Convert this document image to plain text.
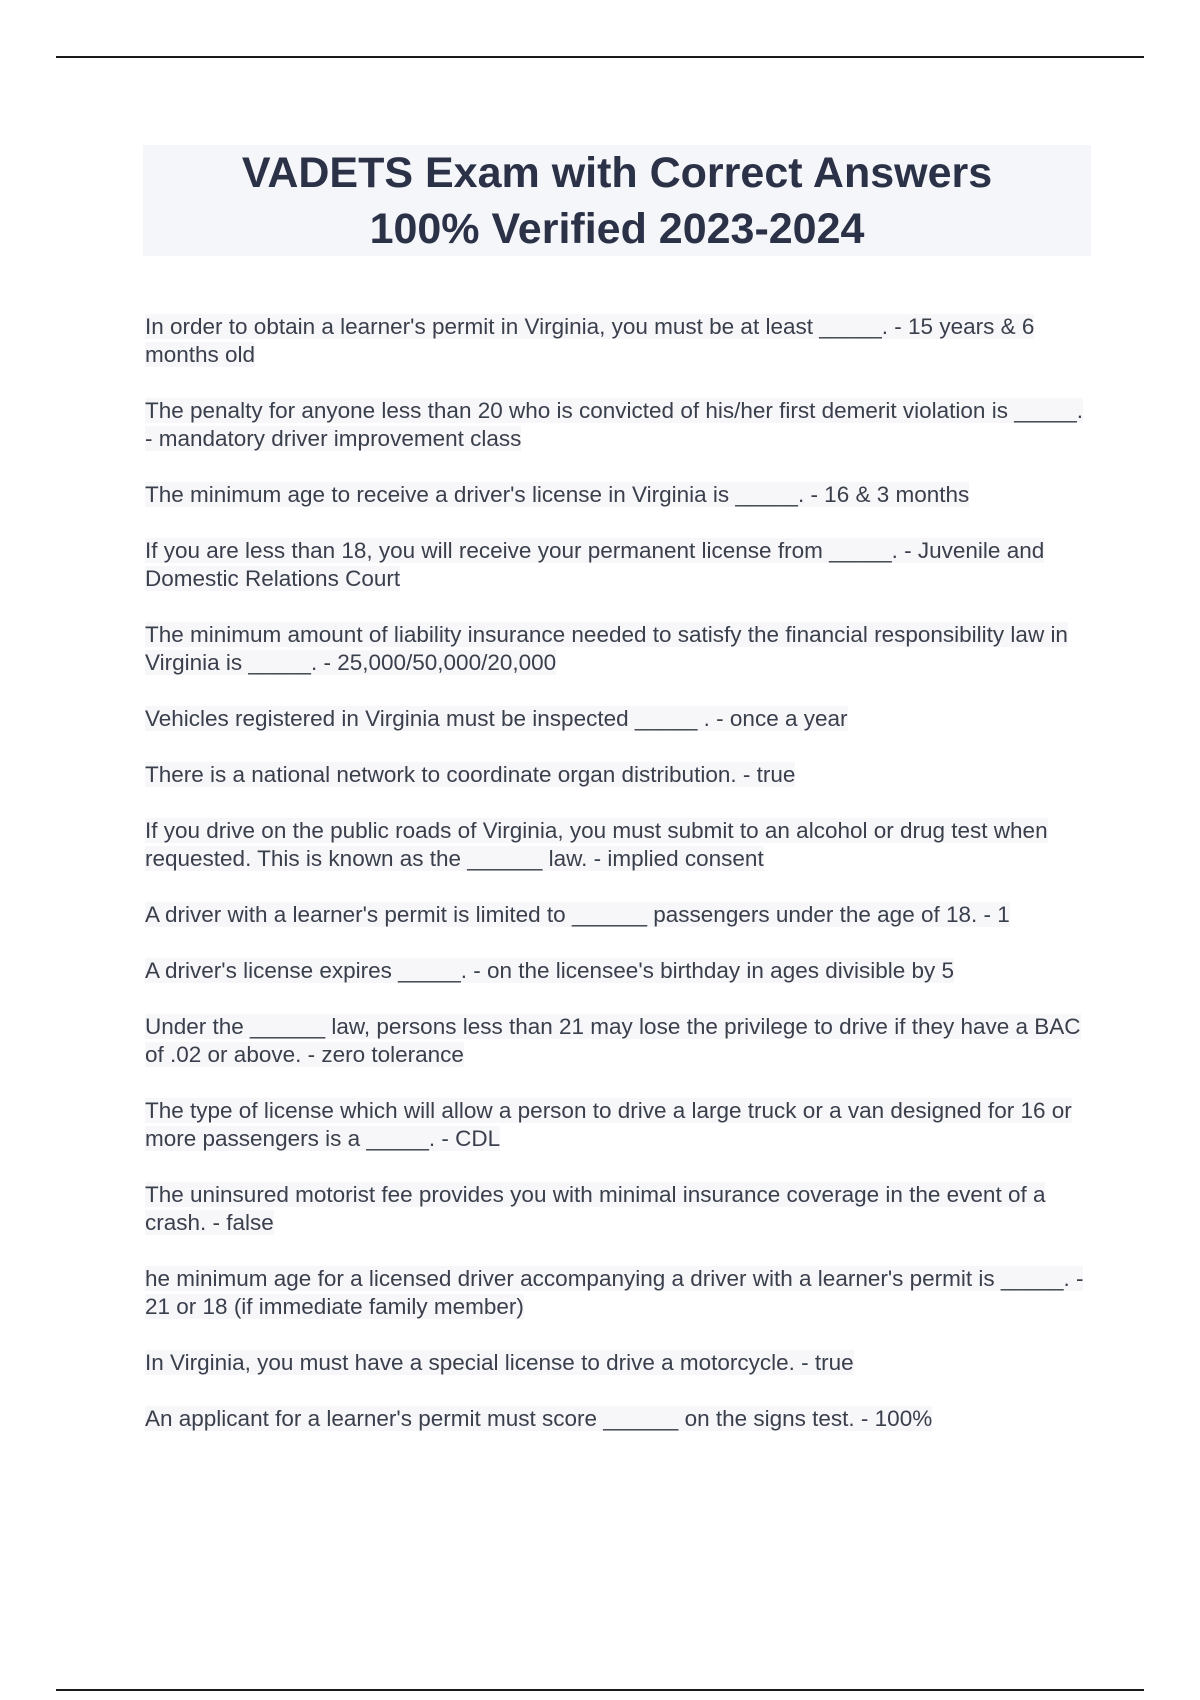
VADETS Exam with Correct Answers
100% Verified 2023-2024
In order to obtain a learner's permit in Virginia, you must be at least _____. - 15 years & 6 months old
The penalty for anyone less than 20 who is convicted of his/her first demerit violation is _____. - mandatory driver improvement class
The minimum age to receive a driver's license in Virginia is _____. - 16 & 3 months
If you are less than 18, you will receive your permanent license from _____. - Juvenile and Domestic Relations Court
The minimum amount of liability insurance needed to satisfy the financial responsibility law in Virginia is _____. - 25,000/50,000/20,000
Vehicles registered in Virginia must be inspected _____ . - once a year
There is a national network to coordinate organ distribution. - true
If you drive on the public roads of Virginia, you must submit to an alcohol or drug test when requested. This is known as the ______ law. - implied consent
A driver with a learner's permit is limited to ______ passengers under the age of 18. - 1
A driver's license expires _____. - on the licensee's birthday in ages divisible by 5
Under the ______ law, persons less than 21 may lose the privilege to drive if they have a BAC of .02 or above. - zero tolerance
The type of license which will allow a person to drive a large truck or a van designed for 16 or more passengers is a _____. - CDL
The uninsured motorist fee provides you with minimal insurance coverage in the event of a crash. - false
he minimum age for a licensed driver accompanying a driver with a learner's permit is _____. - 21 or 18 (if immediate family member)
In Virginia, you must have a special license to drive a motorcycle. - true
An applicant for a learner's permit must score ______ on the signs test. - 100%
